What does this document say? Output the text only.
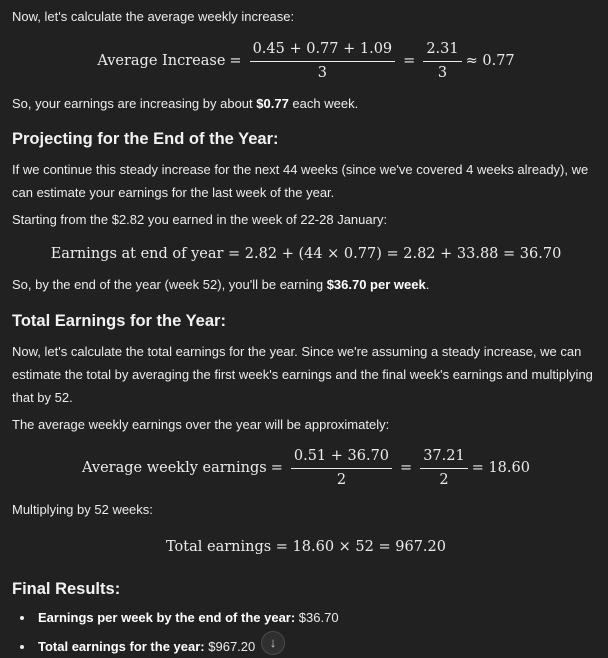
Now, let's calculate the average weekly increase:

Average Increase = $\frac{0.45 + 0.77 + 1.09}{3} = \frac{2.31}{3} \approx 0.77$

So, your earnings are increasing by about $0.77 each week.

Projecting for the End of the Year:

If we continue this steady increase for the next 44 weeks (since we've covered 4 weeks already), we can estimate your earnings for the last week of the year.

Starting from the $2.82 you earned in the week of 22-28 January:

Earnings at end of year = 2.82 + (44 × 0.77) = 2.82 + 33.88 = 36.70

So, by the end of the year (week 52), you'll be earning $36.70 per week.

Total Earnings for the Year:

Now, let's calculate the total earnings for the year. Since we're assuming a steady increase, we can estimate the total by averaging the first week's earnings and the final week's earnings and multiplying that by 52.

The average weekly earnings over the year will be approximately:

Average weekly earnings = $\frac{0.51 + 36.70}{2} = \frac{37.21}{2} = 18.60$

Multiplying by 52 weeks:

Total earnings = 18.60 × 52 = 967.20
Final Results:
Earnings per week by the end of the year: $36.70
Total earnings for the year: $967.20	↓
